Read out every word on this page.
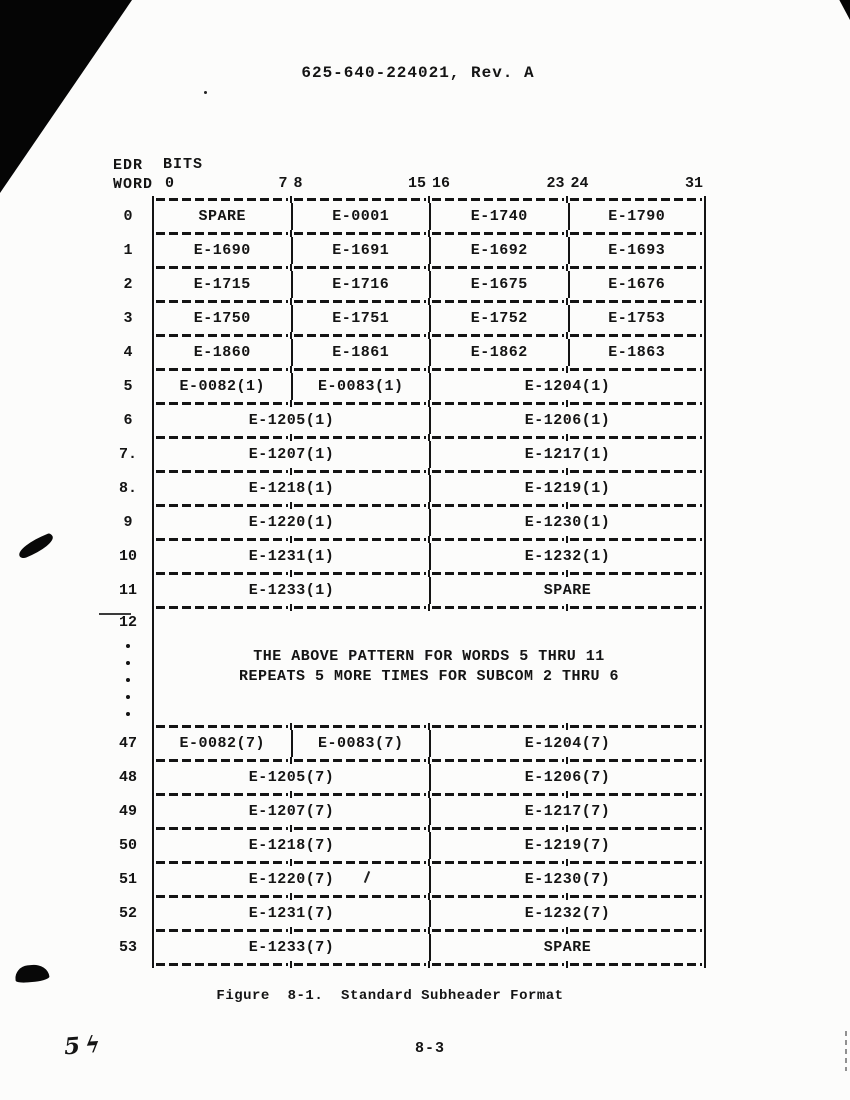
625-640-224021, Rev. A
EDR
WORD
BITS
0	7 8	15 16	23 24	31
0	SPARE	E-0001	E-1740	E-1790
1	E-1690	E-1691	E-1692	E-1693
2	E-1715	E-1716	E-1675	E-1676
3	E-1750	E-1751	E-1752	E-1753
4	E-1860	E-1861	E-1862	E-1863
5	E-0082(1)	E-0083(1)	E-1204(1)
6	E-1205(1)	E-1206(1)
7.	E-1207(1)	E-1217(1)
8.	E-1218(1)	E-1219(1)
9	E-1220(1)	E-1230(1)
10	E-1231(1)	E-1232(1)
11	E-1233(1)	SPARE
12
THE ABOVE PATTERN FOR WORDS 5 THRU 11
REPEATS 5 MORE TIMES FOR SUBCOM 2 THRU 6
47	E-0082(7)	E-0083(7)	E-1204(7)
48	E-1205(7)	E-1206(7)
49	E-1207(7)	E-1217(7)
50	E-1218(7)	E-1219(7)
51	E-1220(7)	E-1230(7)
52	E-1231(7)	E-1232(7)
53	E-1233(7)	SPARE
Figure  8-1.  Standard Subheader Format
8-3
5ϟ
